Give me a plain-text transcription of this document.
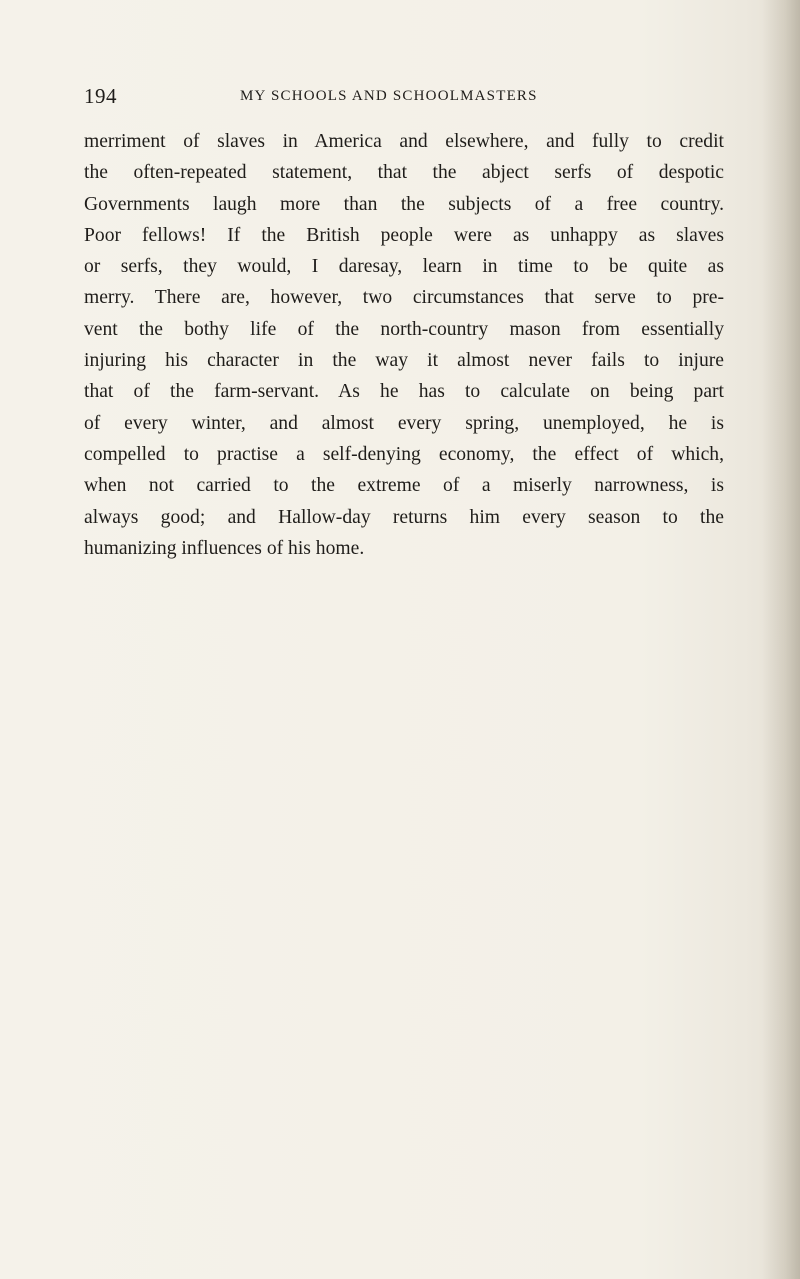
194	MY SCHOOLS AND SCHOOLMASTERS

merriment of slaves in America and elsewhere, and fully to credit
the often-repeated statement, that the abject serfs of despotic
Governments laugh more than the subjects of a free country.
Poor fellows! If the British people were as unhappy as slaves
or serfs, they would, I daresay, learn in time to be quite as
merry. There are, however, two circumstances that serve to pre-
vent the bothy life of the north-country mason from essentially
injuring his character in the way it almost never fails to injure
that of the farm-servant. As he has to calculate on being part
of every winter, and almost every spring, unemployed, he is
compelled to practise a self-denying economy, the effect of which,
when not carried to the extreme of a miserly narrowness, is
always good; and Hallow-day returns him every season to the
humanizing influences of his home.
